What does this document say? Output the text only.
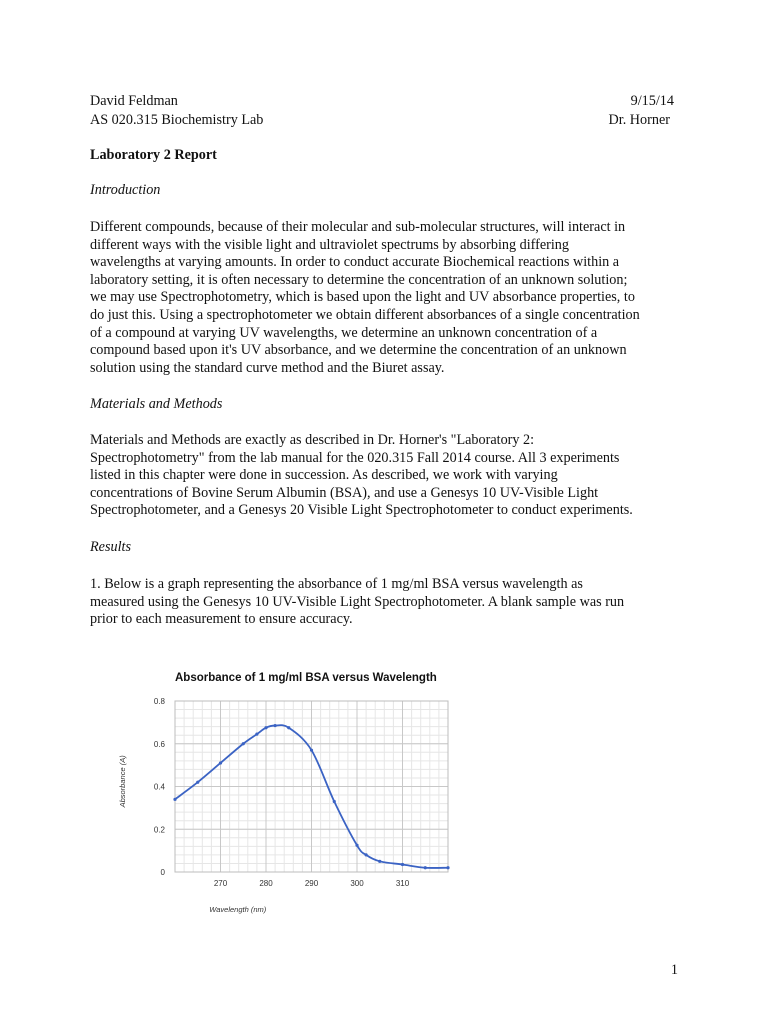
David Feldman	9/15/14
AS 020.315 Biochemistry Lab	Dr. Horner
Laboratory 2 Report
Introduction
Different compounds, because of their molecular and sub-molecular structures, will interact in
different ways with the visible light and ultraviolet spectrums by absorbing differing
wavelengths at varying amounts. In order to conduct accurate Biochemical reactions within a
laboratory setting, it is often necessary to determine the concentration of an unknown solution;
we may use Spectrophotometry, which is based upon the light and UV absorbance properties, to
do just this. Using a spectrophotometer we obtain different absorbances of a single concentration
of a compound at varying UV wavelengths, we determine an unknown concentration of a
compound based upon it's UV absorbance, and we determine the concentration of an unknown
solution using the standard curve method and the Biuret assay.
Materials and Methods
Materials and Methods are exactly as described in Dr. Horner's "Laboratory 2:
Spectrophotometry" from the lab manual for the 020.315 Fall 2014 course. All 3 experiments
listed in this chapter were done in succession. As described, we work with varying
concentrations of Bovine Serum Albumin (BSA), and use a Genesys 10 UV-Visible Light
Spectrophotometer, and a Genesys 20 Visible Light Spectrophotometer to conduct experiments.
Results
1. Below is a graph representing the absorbance of 1 mg/ml BSA versus wavelength as
measured using the Genesys 10 UV-Visible Light Spectrophotometer. A blank sample was run
prior to each measurement to ensure accuracy.
270	280	290	300	310
0
0.2
0.4
0.6
0.8
Wavelength (nm)
Absorbance (A)
Absorbance of 1 mg/ml BSA versus Wavelength
1
